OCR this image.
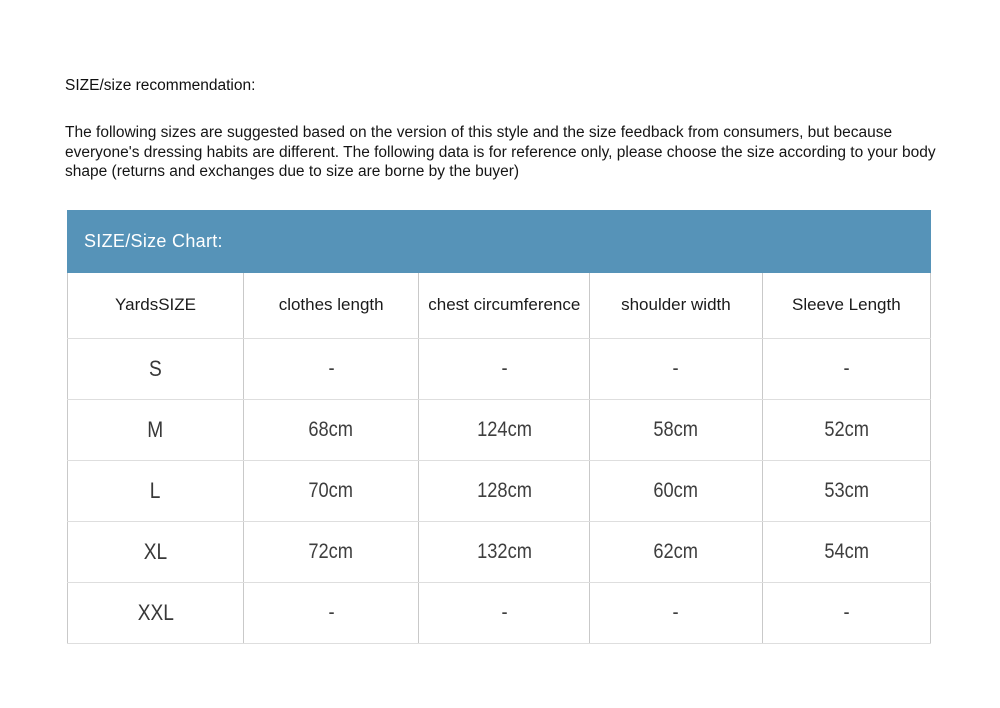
SIZE/size recommendation:
The following sizes are suggested based on the version of this style and the size feedback from consumers, but because everyone's dressing habits are different. The following data is for reference only, please choose the size according to your body shape (returns and exchanges due to size are borne by the buyer)
SIZE/Size Chart:
YardsSIZE	clothes length	chest circumference	shoulder width	Sleeve Length
S	-	-	-	-
M	68cm	124cm	58cm	52cm
L	70cm	128cm	60cm	53cm
XL	72cm	132cm	62cm	54cm
XXL	-	-	-	-
